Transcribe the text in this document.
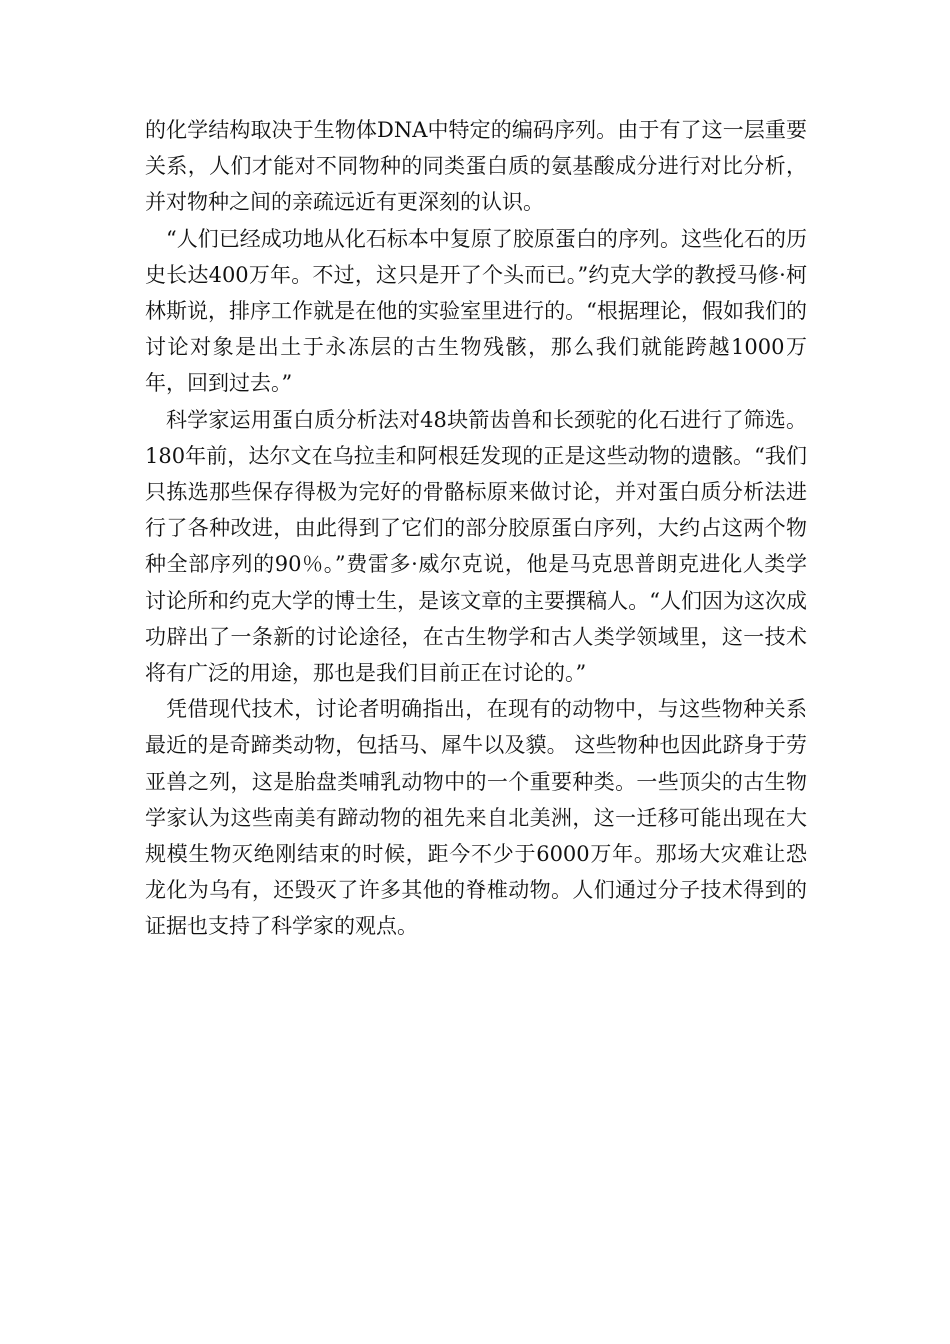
的化学结构取决于生物体DNA中特定的编码序列。由于有了这一层重要关系，人们才能对不同物种的同类蛋白质的氨基酸成分进行对比分析，并对物种之间的亲疏远近有更深刻的认识。

“人们已经成功地从化石标本中复原了胶原蛋白的序列。这些化石的历史长达400万年。不过，这只是开了个头而已。”约克大学的教授马修·柯林斯说，排序工作就是在他的实验室里进行的。“根据理论，假如我们的讨论对象是出土于永冻层的古生物残骸，那么我们就能跨越1000万年，回到过去。”

科学家运用蛋白质分析法对48块箭齿兽和长颈驼的化石进行了筛选。180年前，达尔文在乌拉圭和阿根廷发现的正是这些动物的遗骸。“我们只拣选那些保存得极为完好的骨骼标原来做讨论，并对蛋白质分析法进行了各种改进，由此得到了它们的部分胶原蛋白序列，大约占这两个物种全部序列的90％。”费雷多·威尔克说，他是马克思普朗克进化人类学讨论所和约克大学的博士生，是该文章的主要撰稿人。“人们因为这次成功辟出了一条新的讨论途径，在古生物学和古人类学领域里，这一技术将有广泛的用途，那也是我们目前正在讨论的。”

凭借现代技术，讨论者明确指出，在现有的动物中，与这些物种关系最近的是奇蹄类动物，包括马、犀牛以及貘。 这些物种也因此跻身于劳亚兽之列，这是胎盘类哺乳动物中的一个重要种类。一些顶尖的古生物学家认为这些南美有蹄动物的祖先来自北美洲，这一迁移可能出现在大规模生物灭绝刚结束的时候，距今不少于6000万年。那场大灾难让恐龙化为乌有，还毁灭了许多其他的脊椎动物。人们通过分子技术得到的证据也支持了科学家的观点。
